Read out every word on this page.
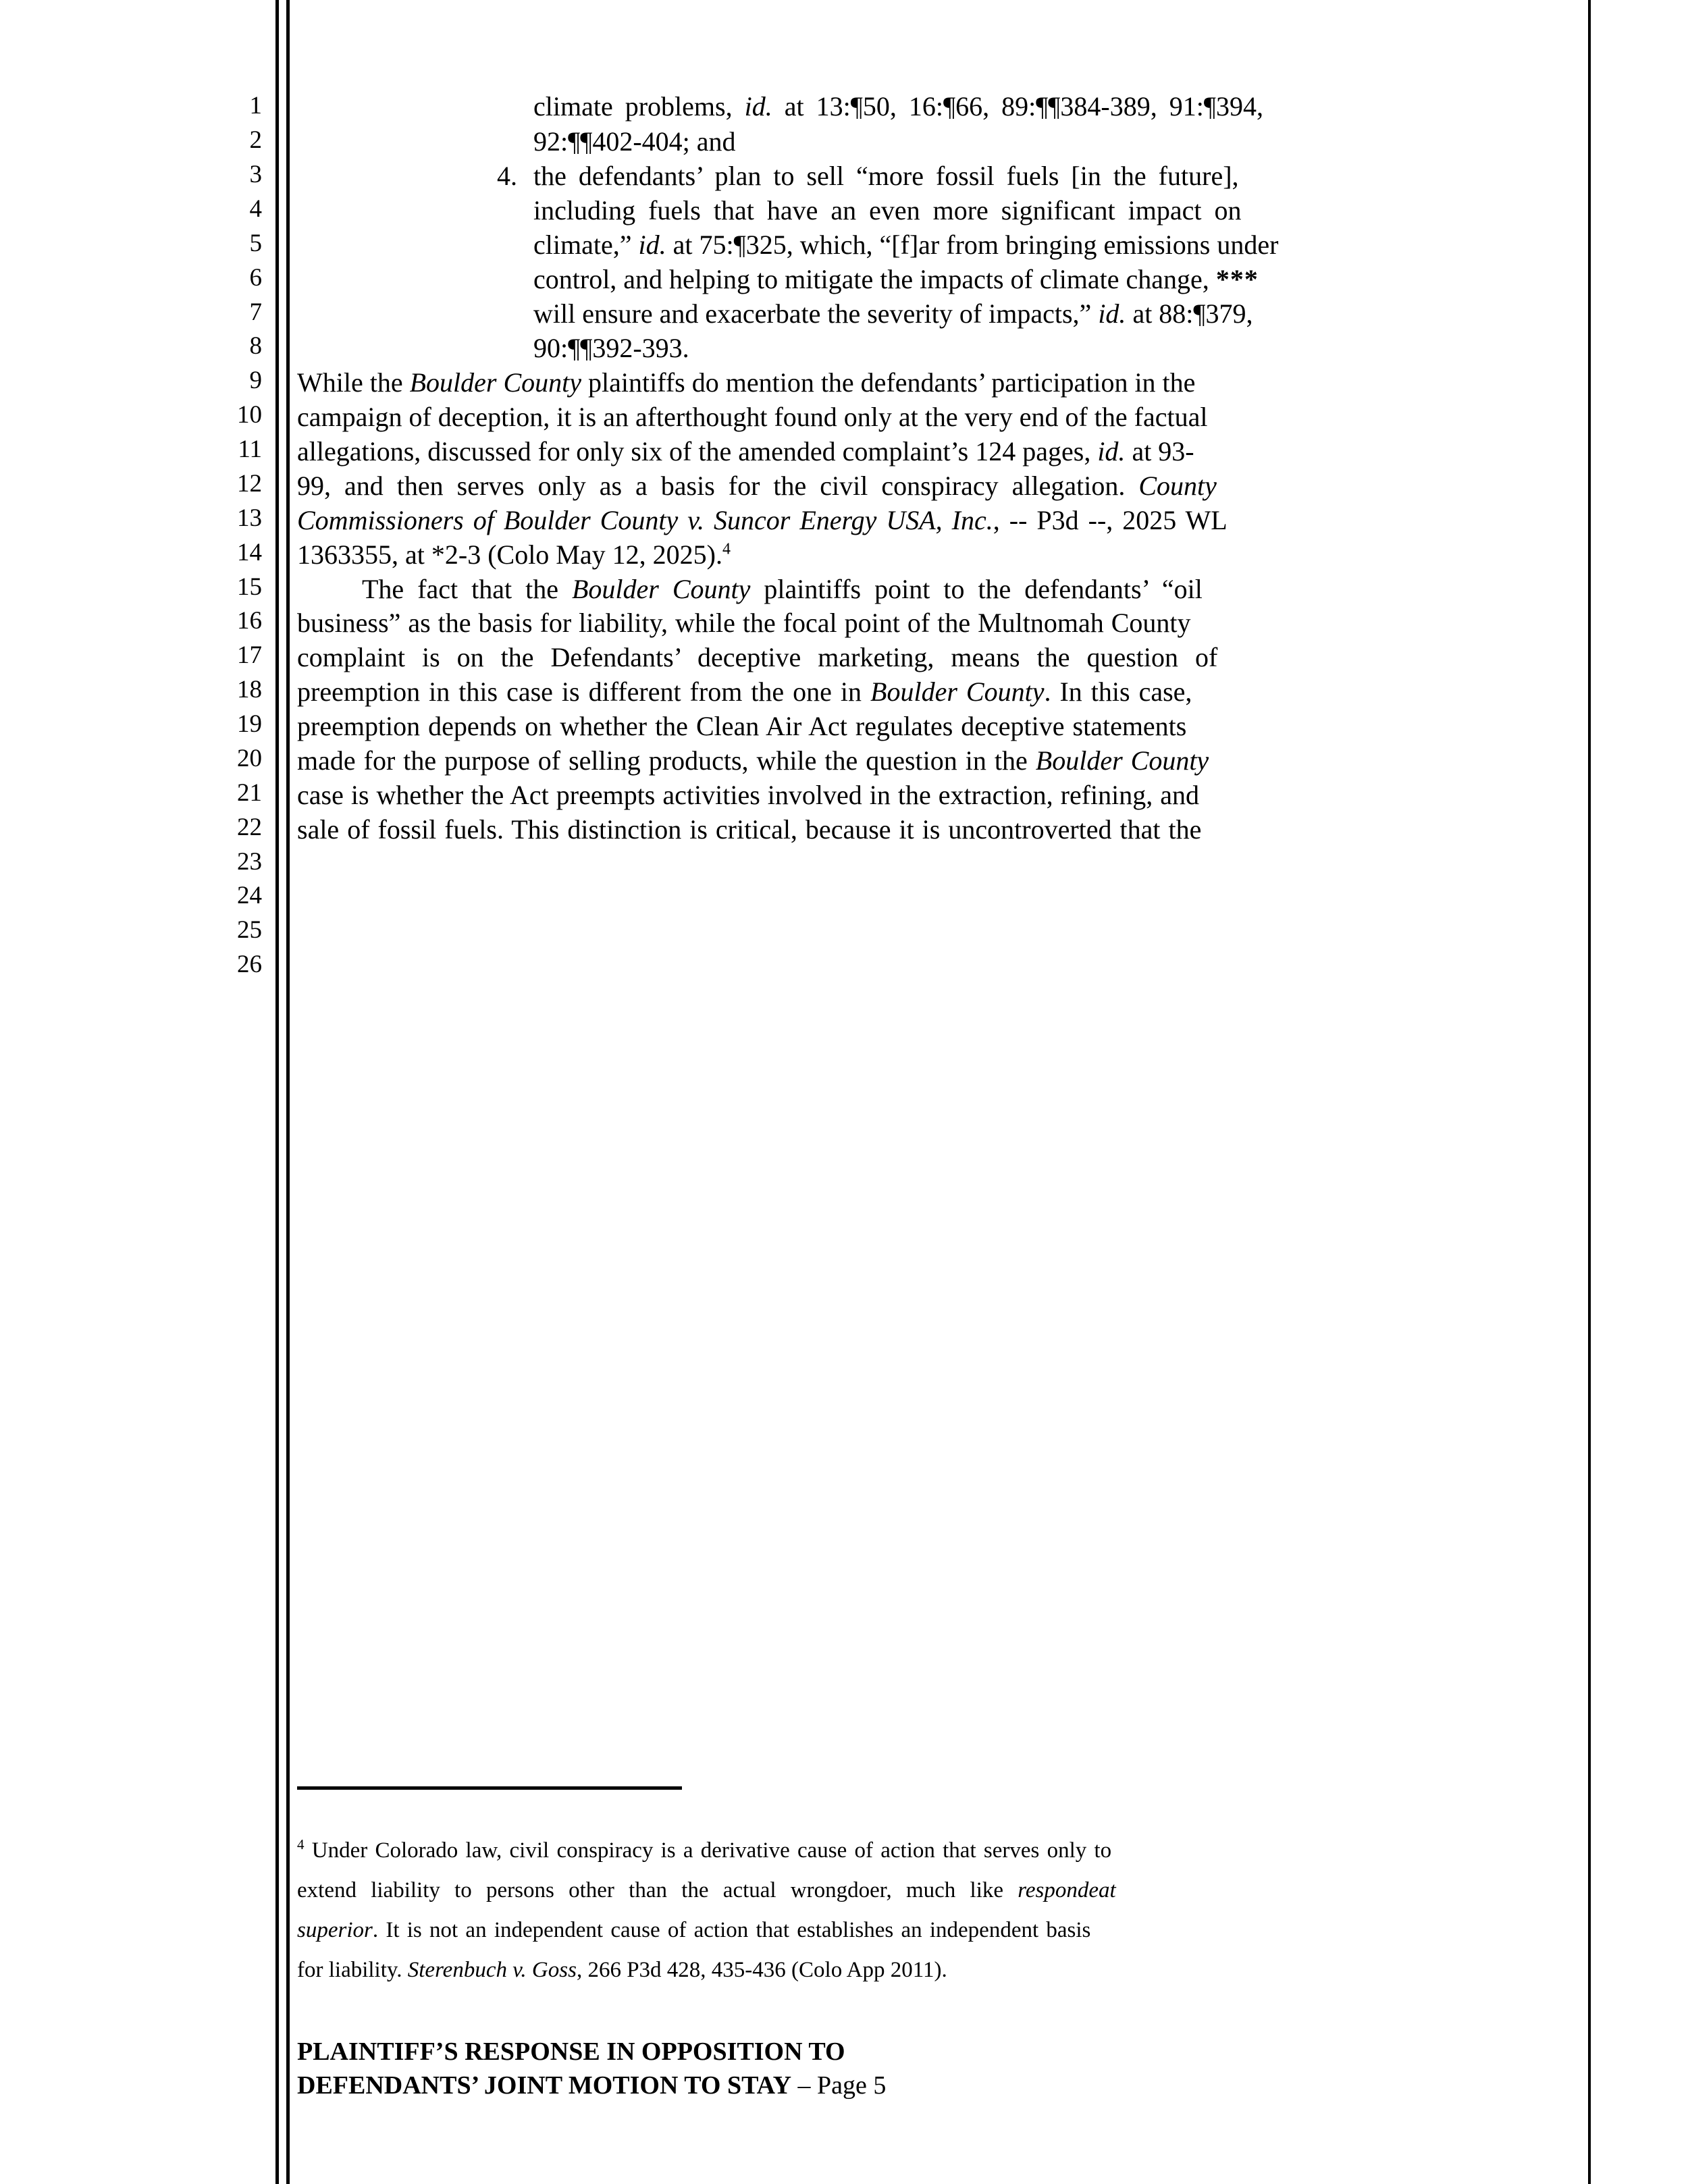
1
2
3
4
5
6
7
8
9
10
11
12
13
14
15
16
17
18
19
20
21
22
23
24
25
26
climate problems, id. at 13:¶50, 16:¶66, 89:¶¶384-389, 91:¶394,
92:¶¶402-404; and
4. the defendants’ plan to sell “more fossil fuels [in the future],
including fuels that have an even more significant impact on
climate,” id. at 75:¶325, which, “[f]ar from bringing emissions under
control, and helping to mitigate the impacts of climate change, ***
will ensure and exacerbate the severity of impacts,” id. at 88:¶379,
90:¶¶392-393.
While the Boulder County plaintiffs do mention the defendants’ participation in the
campaign of deception, it is an afterthought found only at the very end of the factual
allegations, discussed for only six of the amended complaint’s 124 pages, id. at 93-
99, and then serves only as a basis for the civil conspiracy allegation. County
Commissioners of Boulder County v. Suncor Energy USA, Inc., -- P3d --, 2025 WL
1363355, at *2-3 (Colo May 12, 2025).$^4$
The fact that the Boulder County plaintiffs point to the defendants’ “oil
business” as the basis for liability, while the focal point of the Multnomah County
complaint is on the Defendants’ deceptive marketing, means the question of
preemption in this case is different from the one in Boulder County. In this case,
preemption depends on whether the Clean Air Act regulates deceptive statements
made for the purpose of selling products, while the question in the Boulder County
case is whether the Act preempts activities involved in the extraction, refining, and
sale of fossil fuels. This distinction is critical, because it is uncontroverted that the
$^4$ Under Colorado law, civil conspiracy is a derivative cause of action that serves only to
extend liability to persons other than the actual wrongdoer, much like respondeat
superior. It is not an independent cause of action that establishes an independent basis
for liability. Sterenbuch v. Goss, 266 P3d 428, 435-436 (Colo App 2011).
PLAINTIFF’S RESPONSE IN OPPOSITION TO
DEFENDANTS’ JOINT MOTION TO STAY – Page 5
